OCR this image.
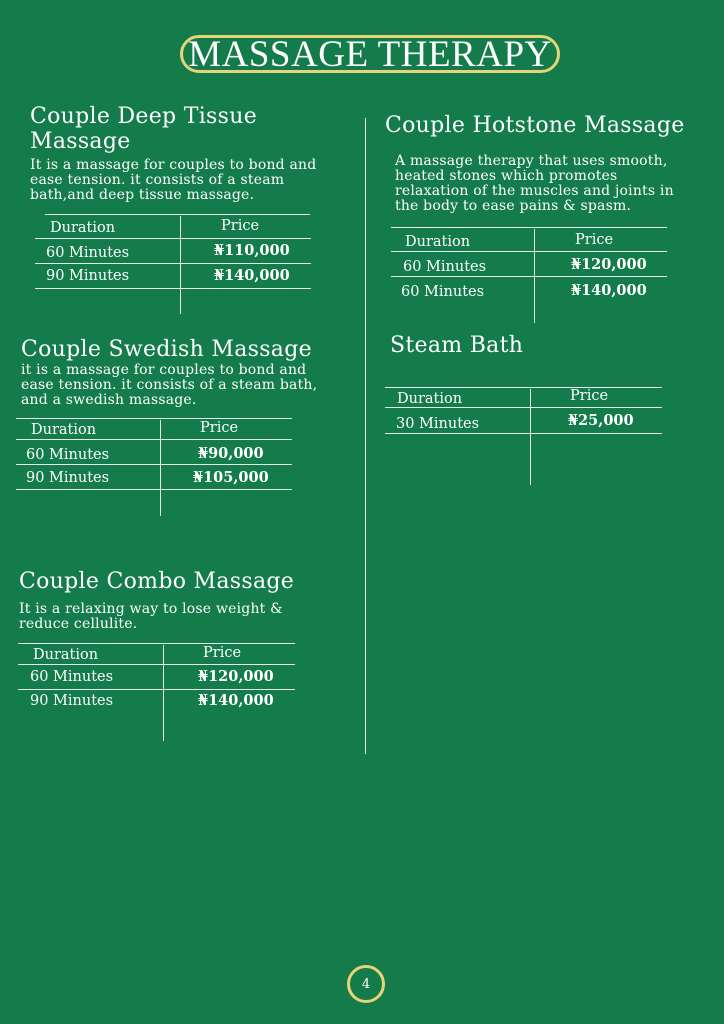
MASSAGE THERAPY
Couple Deep Tissue
Massage

It is a massage for couples to bond and
ease tension. it consists of a steam
bath,and deep tissue massage.

Duration	Price
60 Minutes	₦110,000
90 Minutes	₦140,000
Couple Swedish Massage

it is a massage for couples to bond and
ease tension. it consists of a steam bath,
and a swedish massage.

Duration	Price
60 Minutes	₦90,000
90 Minutes	₦105,000
Couple Combo Massage

It is a relaxing way to lose weight &
reduce cellulite.

Duration	Price
60 Minutes	₦120,000
90 Minutes	₦140,000
Couple Hotstone Massage

A massage therapy that uses smooth,
heated stones which promotes
relaxation of the muscles and joints in
the body to ease pains & spasm.

Duration	Price
60 Minutes	₦120,000
60 Minutes	₦140,000
Steam Bath
Duration	Price
30 Minutes	₦25,000
4
